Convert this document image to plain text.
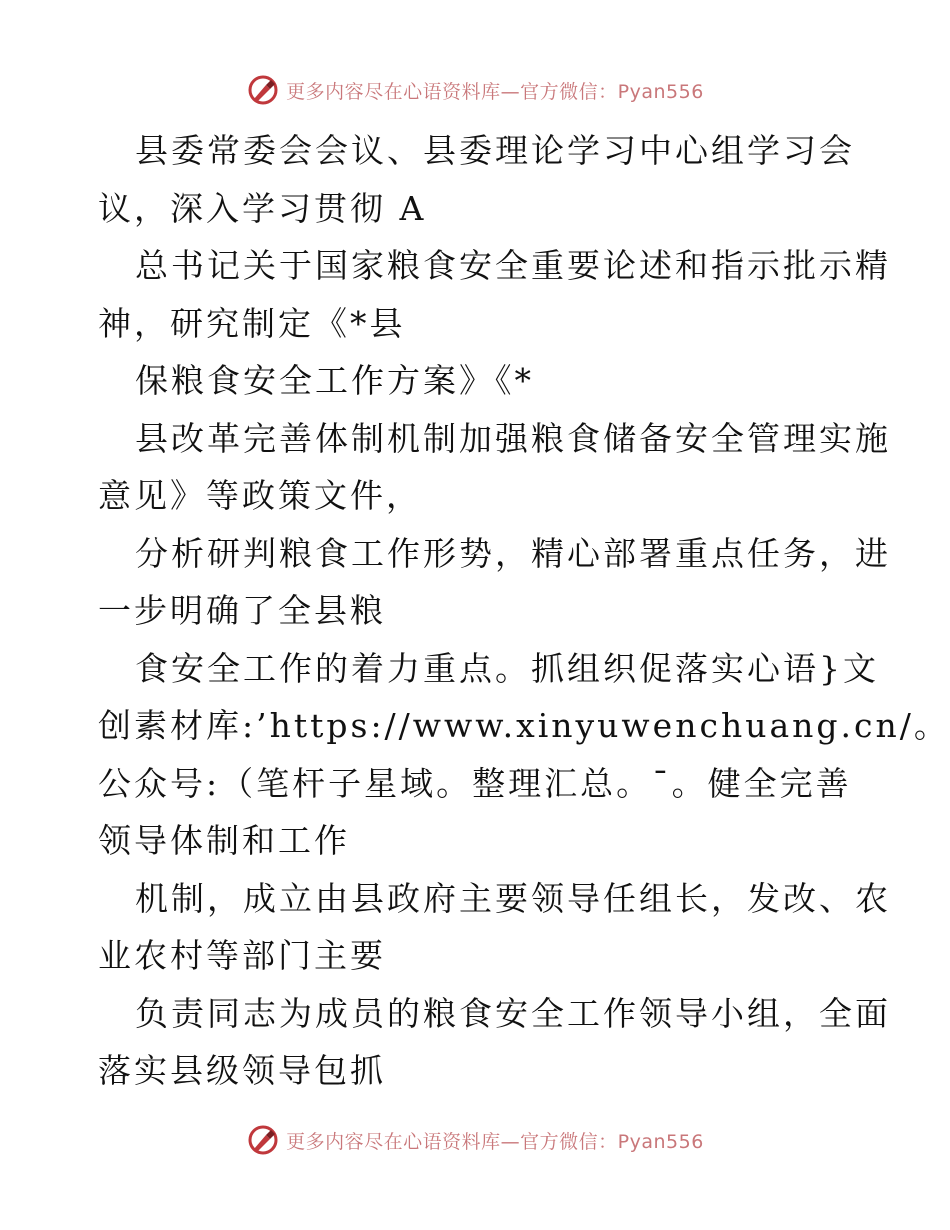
更多内容尽在心语资料库—官方微信：Pyan556
县委常委会会议、县委理论学习中心组学习会
议，深入学习贯彻 A
总书记关于国家粮食安全重要论述和指示批示精
神，研究制定《*县
保粮食安全工作方案》《*
县改革完善体制机制加强粮食储备安全管理实施
意见》等政策文件，
分析研判粮食工作形势，精心部署重点任务，进
一步明确了全县粮
食安全工作的着力重点。抓组织促落实心语}文
创素材库:’https://www.xinyuwenchuang.cn/。
公众号:（笔杆子星域。整理汇总。¯。健全完善
领导体制和工作
机制，成立由县政府主要领导任组长，发改、农
业农村等部门主要
负责同志为成员的粮食安全工作领导小组，全面
落实县级领导包抓
更多内容尽在心语资料库—官方微信：Pyan556
